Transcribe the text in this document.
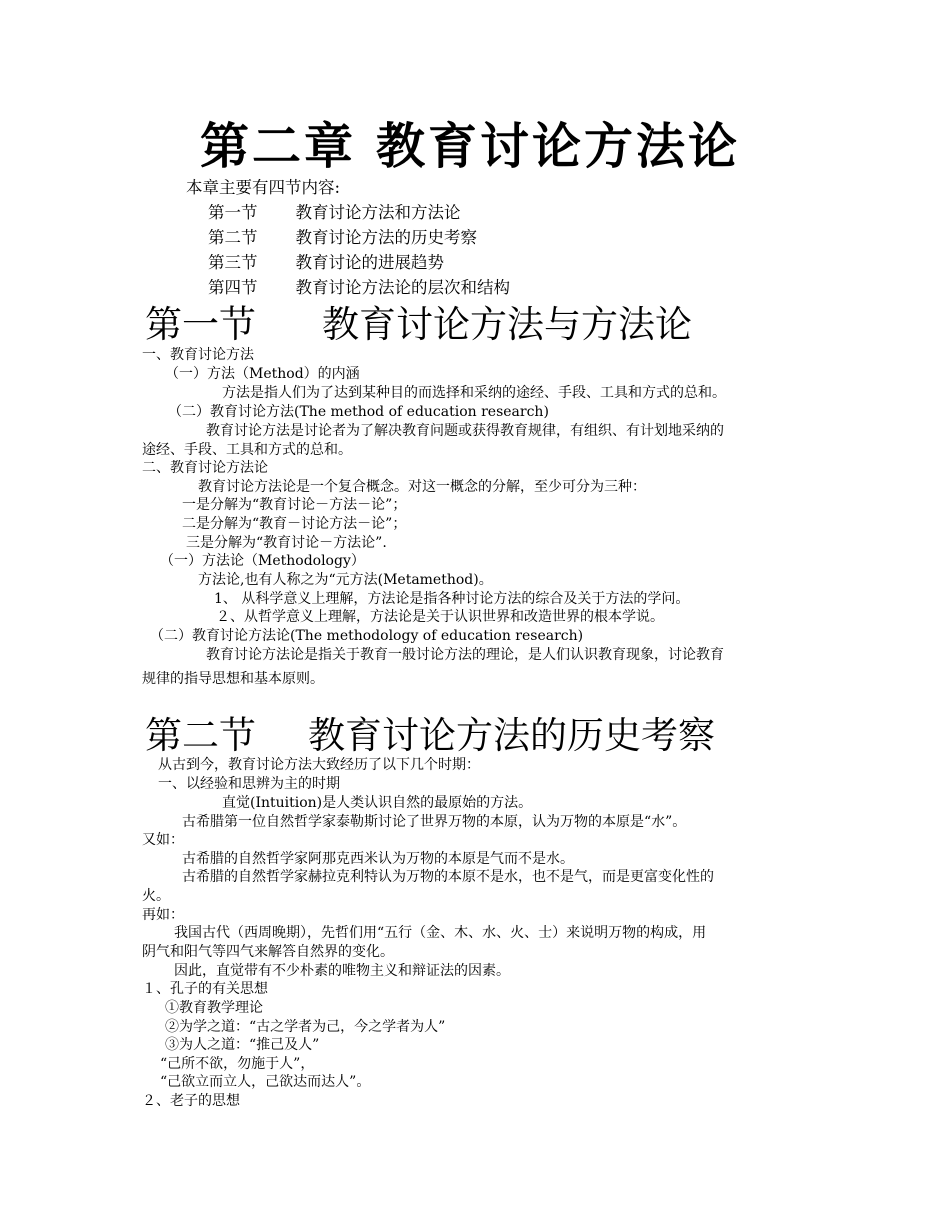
第二章 教育讨论方法论
本章主要有四节内容:
第一节 教育讨论方法和方法论
第二节 教育讨论方法的历史考察
第三节 教育讨论的进展趋势
第四节 教育讨论方法论的层次和结构
第一节 教育讨论方法与方法论
一、教育讨论方法
（一）方法（Method）的内涵
方法是指人们为了达到某种目的而选择和采纳的途经、手段、工具和方式的总和。
（二）教育讨论方法(The method of education research)
教育讨论方法是讨论者为了解决教育问题或获得教育规律，有组织、有计划地采纳的
途经、手段、工具和方式的总和。
二、教育讨论方法论
教育讨论方法论是一个复合概念。对这一概念的分解，至少可分为三种：
一是分解为“教育讨论－方法－论”；
二是分解为“教育－讨论方法－论”；
三是分解为“教育讨论－方法论”.
（一）方法论（Methodology）
方法论,也有人称之为“元方法(Metamethod)。
1、 从科学意义上理解，方法论是指各种讨论方法的综合及关于方法的学问。
２、从哲学意义上理解，方法论是关于认识世界和改造世界的根本学说。
（二）教育讨论方法论(The methodology of education research)
教育讨论方法论是指关于教育一般讨论方法的理论，是人们认识教育现象，讨论教育
规律的指导思想和基本原则。
第二节 教育讨论方法的历史考察
从古到今，教育讨论方法大致经历了以下几个时期：
一、以经验和思辨为主的时期
直觉(Intuition)是人类认识自然的最原始的方法。
古希腊第一位自然哲学家泰勒斯讨论了世界万物的本原，认为万物的本原是“水”。
又如：
古希腊的自然哲学家阿那克西米认为万物的本原是气而不是水。
古希腊的自然哲学家赫拉克利特认为万物的本原不是水，也不是气，而是更富变化性的
火。
再如：
我国古代（西周晚期），先哲们用“五行（金、木、水、火、士）来说明万物的构成，用
阴气和阳气等四气来解答自然界的变化。
因此，直觉带有不少朴素的唯物主义和辩证法的因素。
１、孔子的有关思想
①教育教学理论
②为学之道：“古之学者为己，今之学者为人”
③为人之道：“推己及人”
“己所不欲，勿施于人”，
“己欲立而立人，己欲达而达人”。
２、老子的思想
